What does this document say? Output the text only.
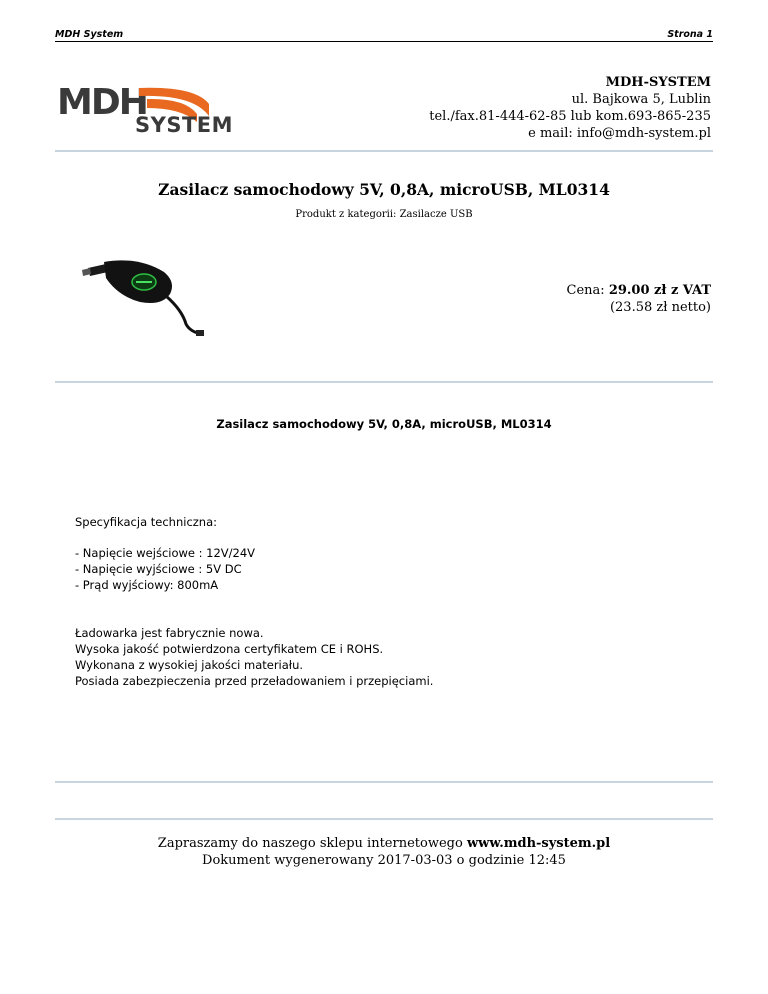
MDH System	Strona 1
MDH
SYSTEM
MDH-SYSTEM
ul. Bajkowa 5, Lublin
tel./fax.81-444-62-85 lub kom.693-865-235
e mail: info@mdh-system.pl
Zasilacz samochodowy 5V, 0,8A, microUSB, ML0314
Produkt z kategorii: Zasilacze USB
Cena: 29.00 zł z VAT
(23.58 zł netto)
Zasilacz samochodowy 5V, 0,8A, microUSB, ML0314
Specyfikacja techniczna:
- Napięcie wejściowe : 12V/24V
- Napięcie wyjściowe : 5V DC
- Prąd wyjściowy: 800mA
Ładowarka jest fabrycznie nowa.
Wysoka jakość potwierdzona certyfikatem CE i ROHS.
Wykonana z wysokiej jakości materiału.
Posiada zabezpieczenia przed przeładowaniem i przepięciami.
Zapraszamy do naszego sklepu internetowego www.mdh-system.pl
Dokument wygenerowany 2017-03-03 o godzinie 12:45
